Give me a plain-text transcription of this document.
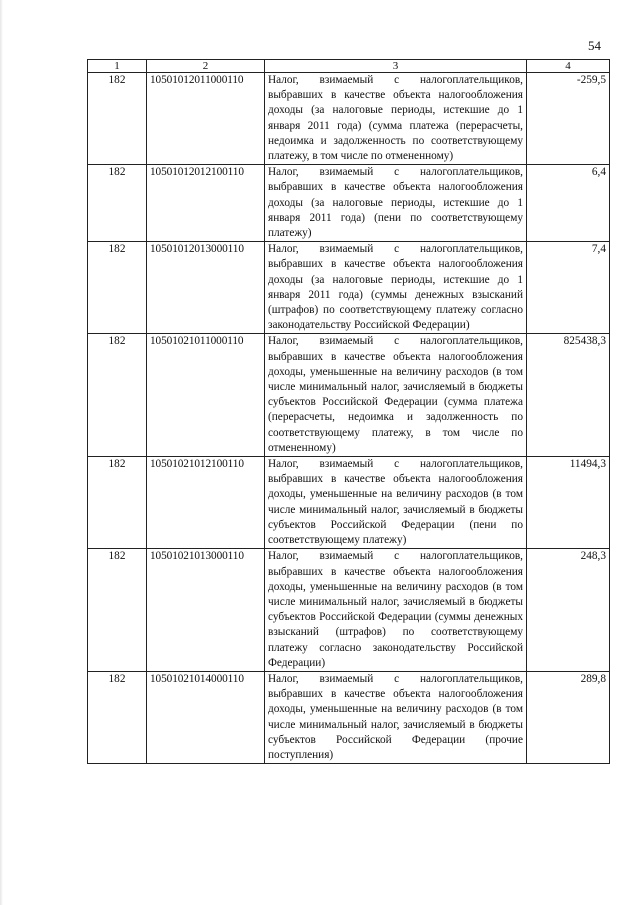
54
1	2	3	4
182	10501012011000110	Налог, взимаемый с налогоплательщиков, выбравших в качестве объекта налогообложения доходы (за налоговые периоды, истекшие до 1 января 2011 года) (сумма платежа (перерасчеты, недоимка и задолженность по соответствующему платежу, в том числе по отмененному)	-259,5
182	10501012012100110	Налог, взимаемый с налогоплательщиков, выбравших в качестве объекта налогообложения доходы (за налоговые периоды, истекшие до 1 января 2011 года) (пени по соответствующему платежу)	6,4
182	10501012013000110	Налог, взимаемый с налогоплательщиков, выбравших в качестве объекта налогообложения доходы (за налоговые периоды, истекшие до 1 января 2011 года) (суммы денежных взысканий (штрафов) по соответствующему платежу согласно законодательству Российской Федерации)	7,4
182	10501021011000110	Налог, взимаемый с налогоплательщиков, выбравших в качестве объекта налогообложения доходы, уменьшенные на величину расходов (в том числе минимальный налог, зачисляемый в бюджеты субъектов Российской Федерации (сумма платежа (перерасчеты, недоимка и задолженность по соответствующему платежу, в том числе по отмененному)	825438,3
182	10501021012100110	Налог, взимаемый с налогоплательщиков, выбравших в качестве объекта налогообложения доходы, уменьшенные на величину расходов (в том числе минимальный налог, зачисляемый в бюджеты субъектов Российской Федерации (пени по соответствующему платежу)	11494,3
182	10501021013000110	Налог, взимаемый с налогоплательщиков, выбравших в качестве объекта налогообложения доходы, уменьшенные на величину расходов (в том числе минимальный налог, зачисляемый в бюджеты субъектов Российской Федерации (суммы денежных взысканий (штрафов) по соответствующему платежу согласно законодательству Российской Федерации)	248,3
182	10501021014000110	Налог, взимаемый с налогоплательщиков, выбравших в качестве объекта налогообложения доходы, уменьшенные на величину расходов (в том числе минимальный налог, зачисляемый в бюджеты субъектов Российской Федерации (прочие поступления)	289,8
